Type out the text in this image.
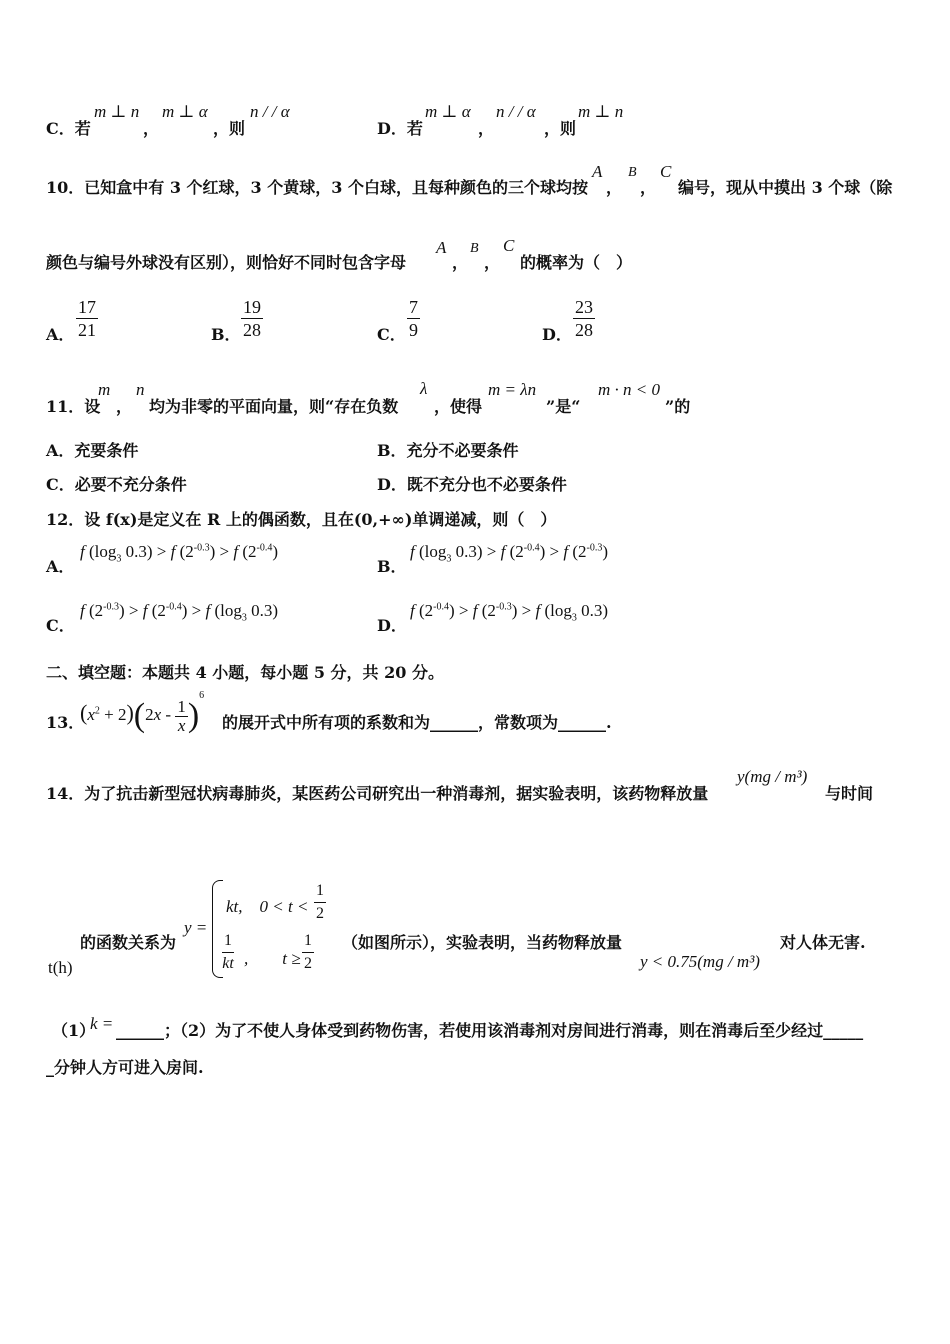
C．若
m ⊥ n
，
m ⊥ α
，则
n / / α
D．若
m ⊥ α
，
n / / α
，则
m ⊥ n
10．已知盒中有 3 个红球，3 个黄球，3 个白球，且每种颜色的三个球均按
A
，
B
，
C
编号，现从中摸出 3 个球（除
颜色与编号外球没有区别），则恰好不同时包含字母
A
，
B
，
C
的概率为（　）
A．
17
21	B．
19
28	C．
7
9	D．
23
28
11．设
m
，
n
均为非零的平面向量，则“存在负数
λ
，使得
m = λn
”是“
m · n < 0
”的
A．充要条件	B．充分不必要条件
C．必要不充分条件	D．既不充分也不必要条件
12．设 f(x)是定义在 R 上的偶函数，且在(0,+∞)单调递减，则（　）
A．
f ($\log_3$ 0.3) > f $(2^{-0.3}) > f$ $(2^{-0.4})$
B．
f ($\log_3$ 0.3) > f $(2^{-0.4}) > f$ $(2^{-0.3})$
C．
f $(2^{-0.3}) > f$ $(2^{-0.4}) > f$ ($\log_3$ 0.3)
D．
f $(2^{-0.4}) > f$ $(2^{-0.3}) > f$ ($\log_3$ 0.3)
二、填空题：本题共 4 小题，每小题 5 分，共 20 分。
13．
$(x^2 + 2)(2x - \frac{1}{x} )^6$
的展开式中所有项的系数和为______，常数项为______.
14．为了抗击新型冠状病毒肺炎，某医药公司研究出一种消毒剂，据实验表明，该药物释放量
y(mg / m³)
与时间
的函数关系为
y =
kt,　0 < t <
1
2
1
kt ,　　t ≥
1
2
（如图所示），实验表明，当药物释放量	对人体无害.
y < 0.75(mg / m³)
t(h)
（1）
k = ______；（2）为了不使人身体受到药物伤害，若使用该消毒剂对房间进行消毒，则在消毒后至少经过_____
_分钟人方可进入房间.
